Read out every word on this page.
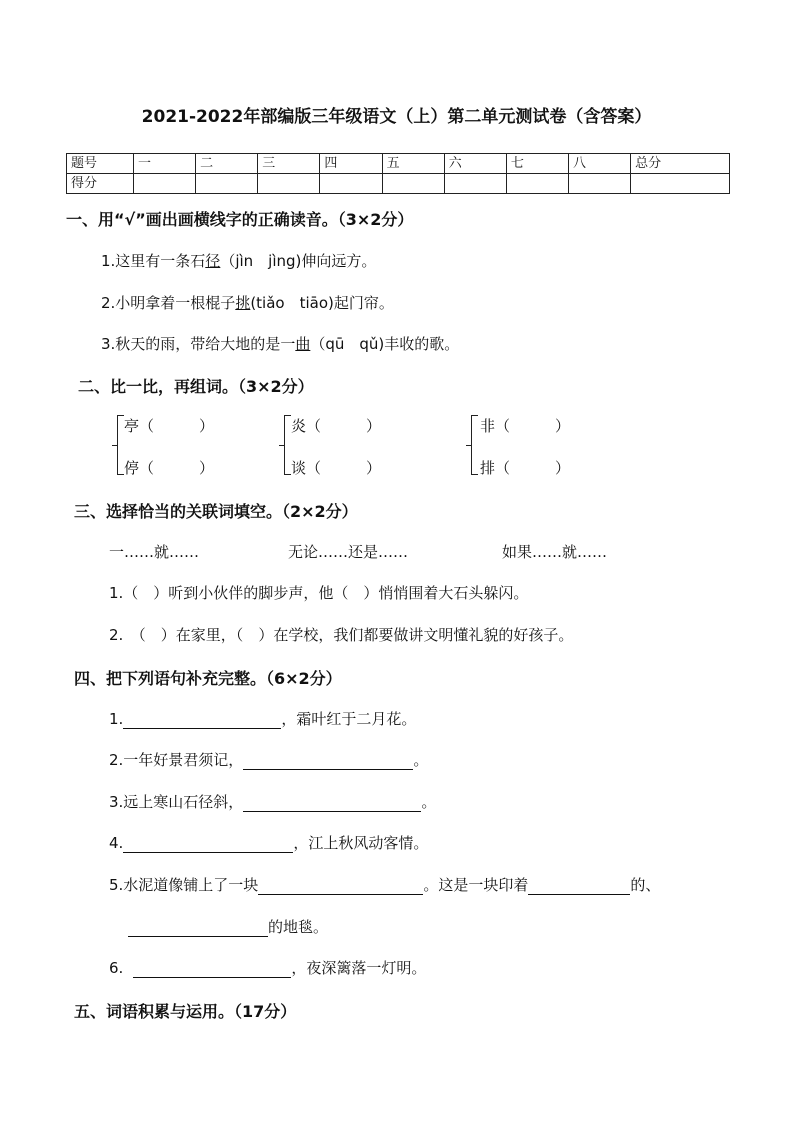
2021-2022年部编版三年级语文（上）第二单元测试卷（含答案）
题号	一	二	三	四	五	六	七	八	总分
得分									
一、用“√”画出画横线字的正确读音。（3×2分）
1.这里有一条石径（jìn　jìng)伸向远方。
2.小明拿着一根棍子挑(tiǎo　tiāo)起门帘。
3.秋天的雨，带给大地的是一曲（qū　qǔ)丰收的歌。
二、比一比，再组词。（3×2分）
亭（　　　）
停（　　　）
炎（　　　）
谈（　　　）
非（　　　）
排（　　　）
三、选择恰当的关联词填空。（2×2分）
一……就……	无论……还是……	如果……就……
1.（　）听到小伙伴的脚步声，他（　）悄悄围着大石头躲闪。
2.　（　）在家里，（　）在学校，我们都要做讲文明懂礼貌的好孩子。
四、把下列语句补充完整。（6×2分）
1.	，霜叶红于二月花。
2.一年好景君须记，	。
3.远上寒山石径斜，	。
4.	，江上秋风动客情。
5.水泥道像铺上了一块	。这是一块印着	的、
的地毯。
6.	，夜深篱落一灯明。
五、词语积累与运用。（17分）
